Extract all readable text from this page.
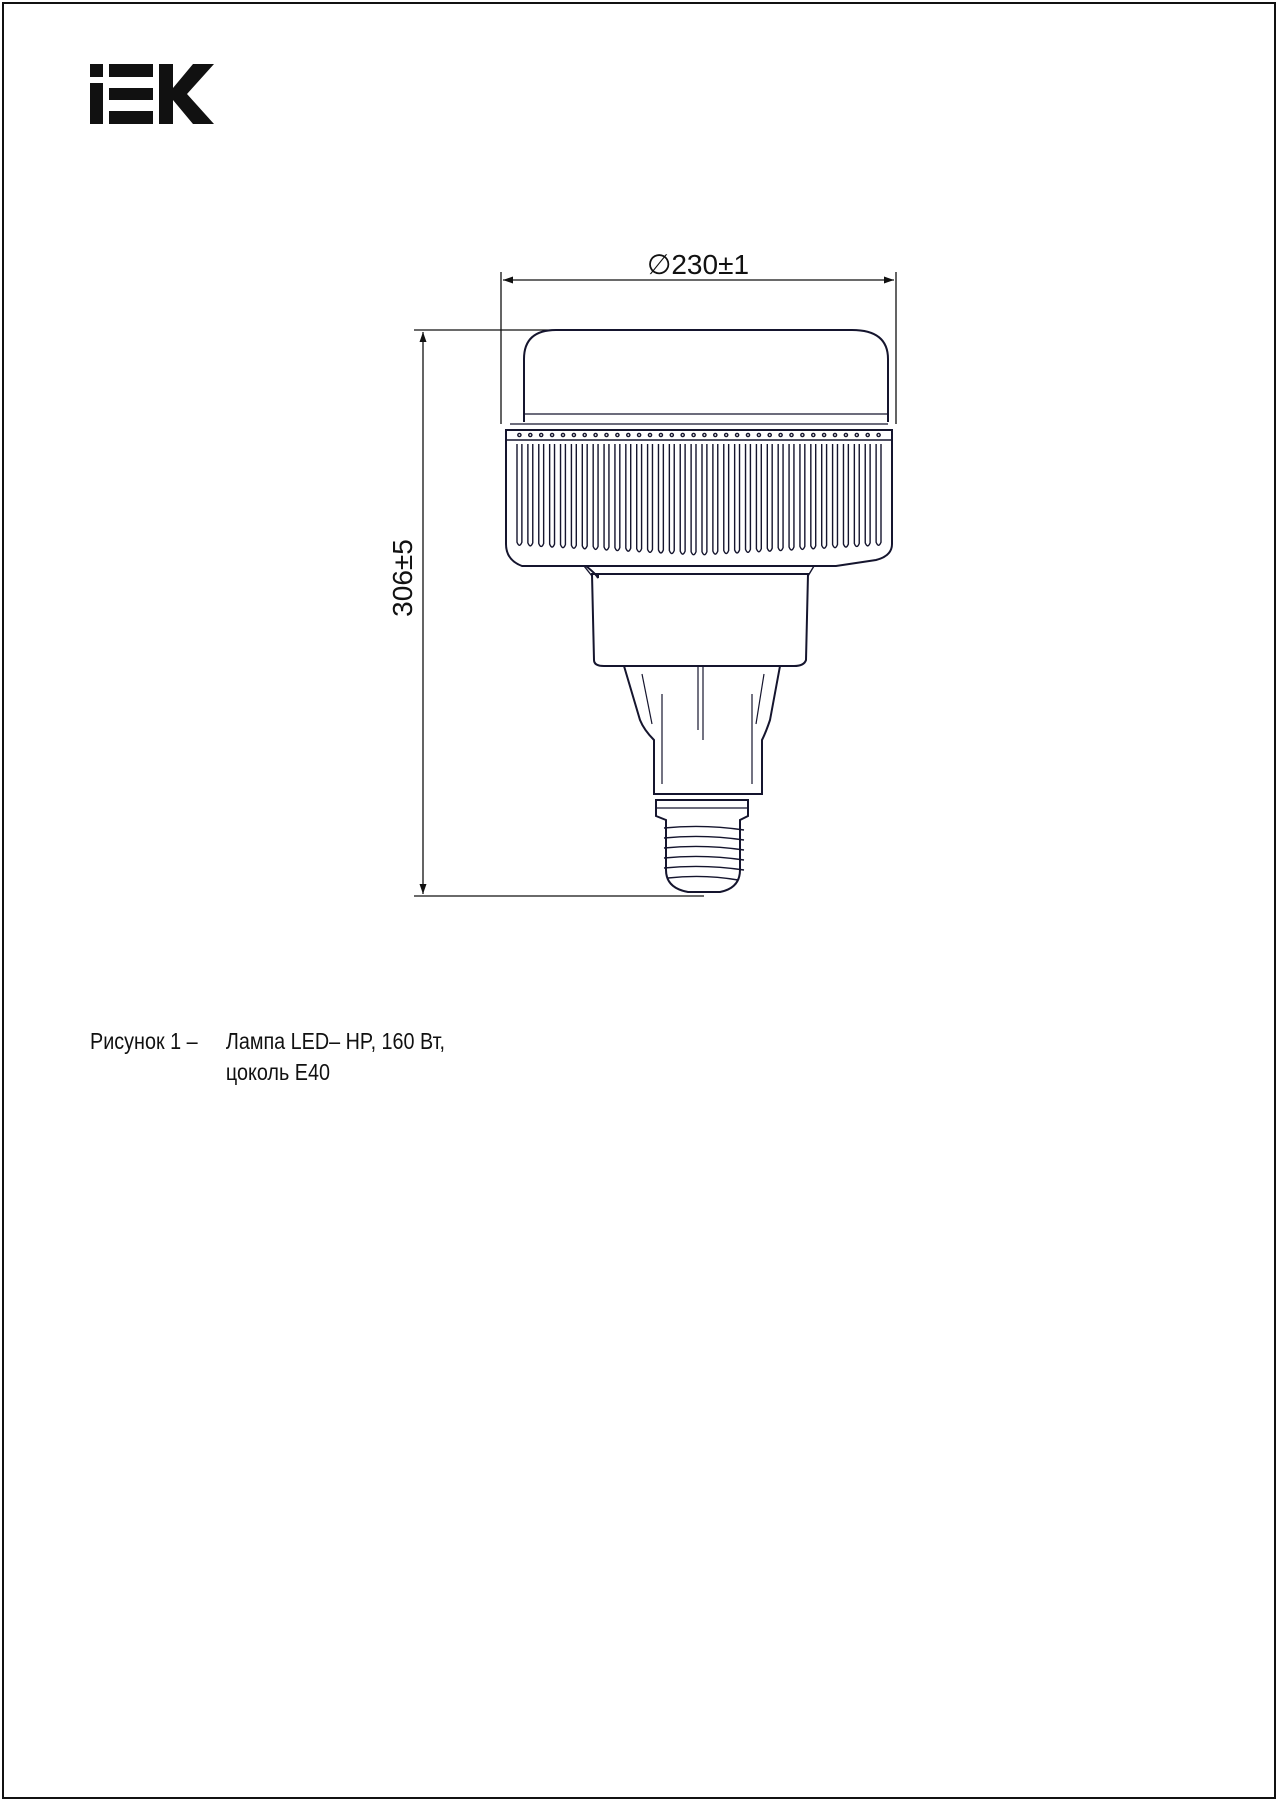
∅230±1
306±5
Рисунок 1 – Лампа LED– HP, 160 Вт,
цоколь E40
